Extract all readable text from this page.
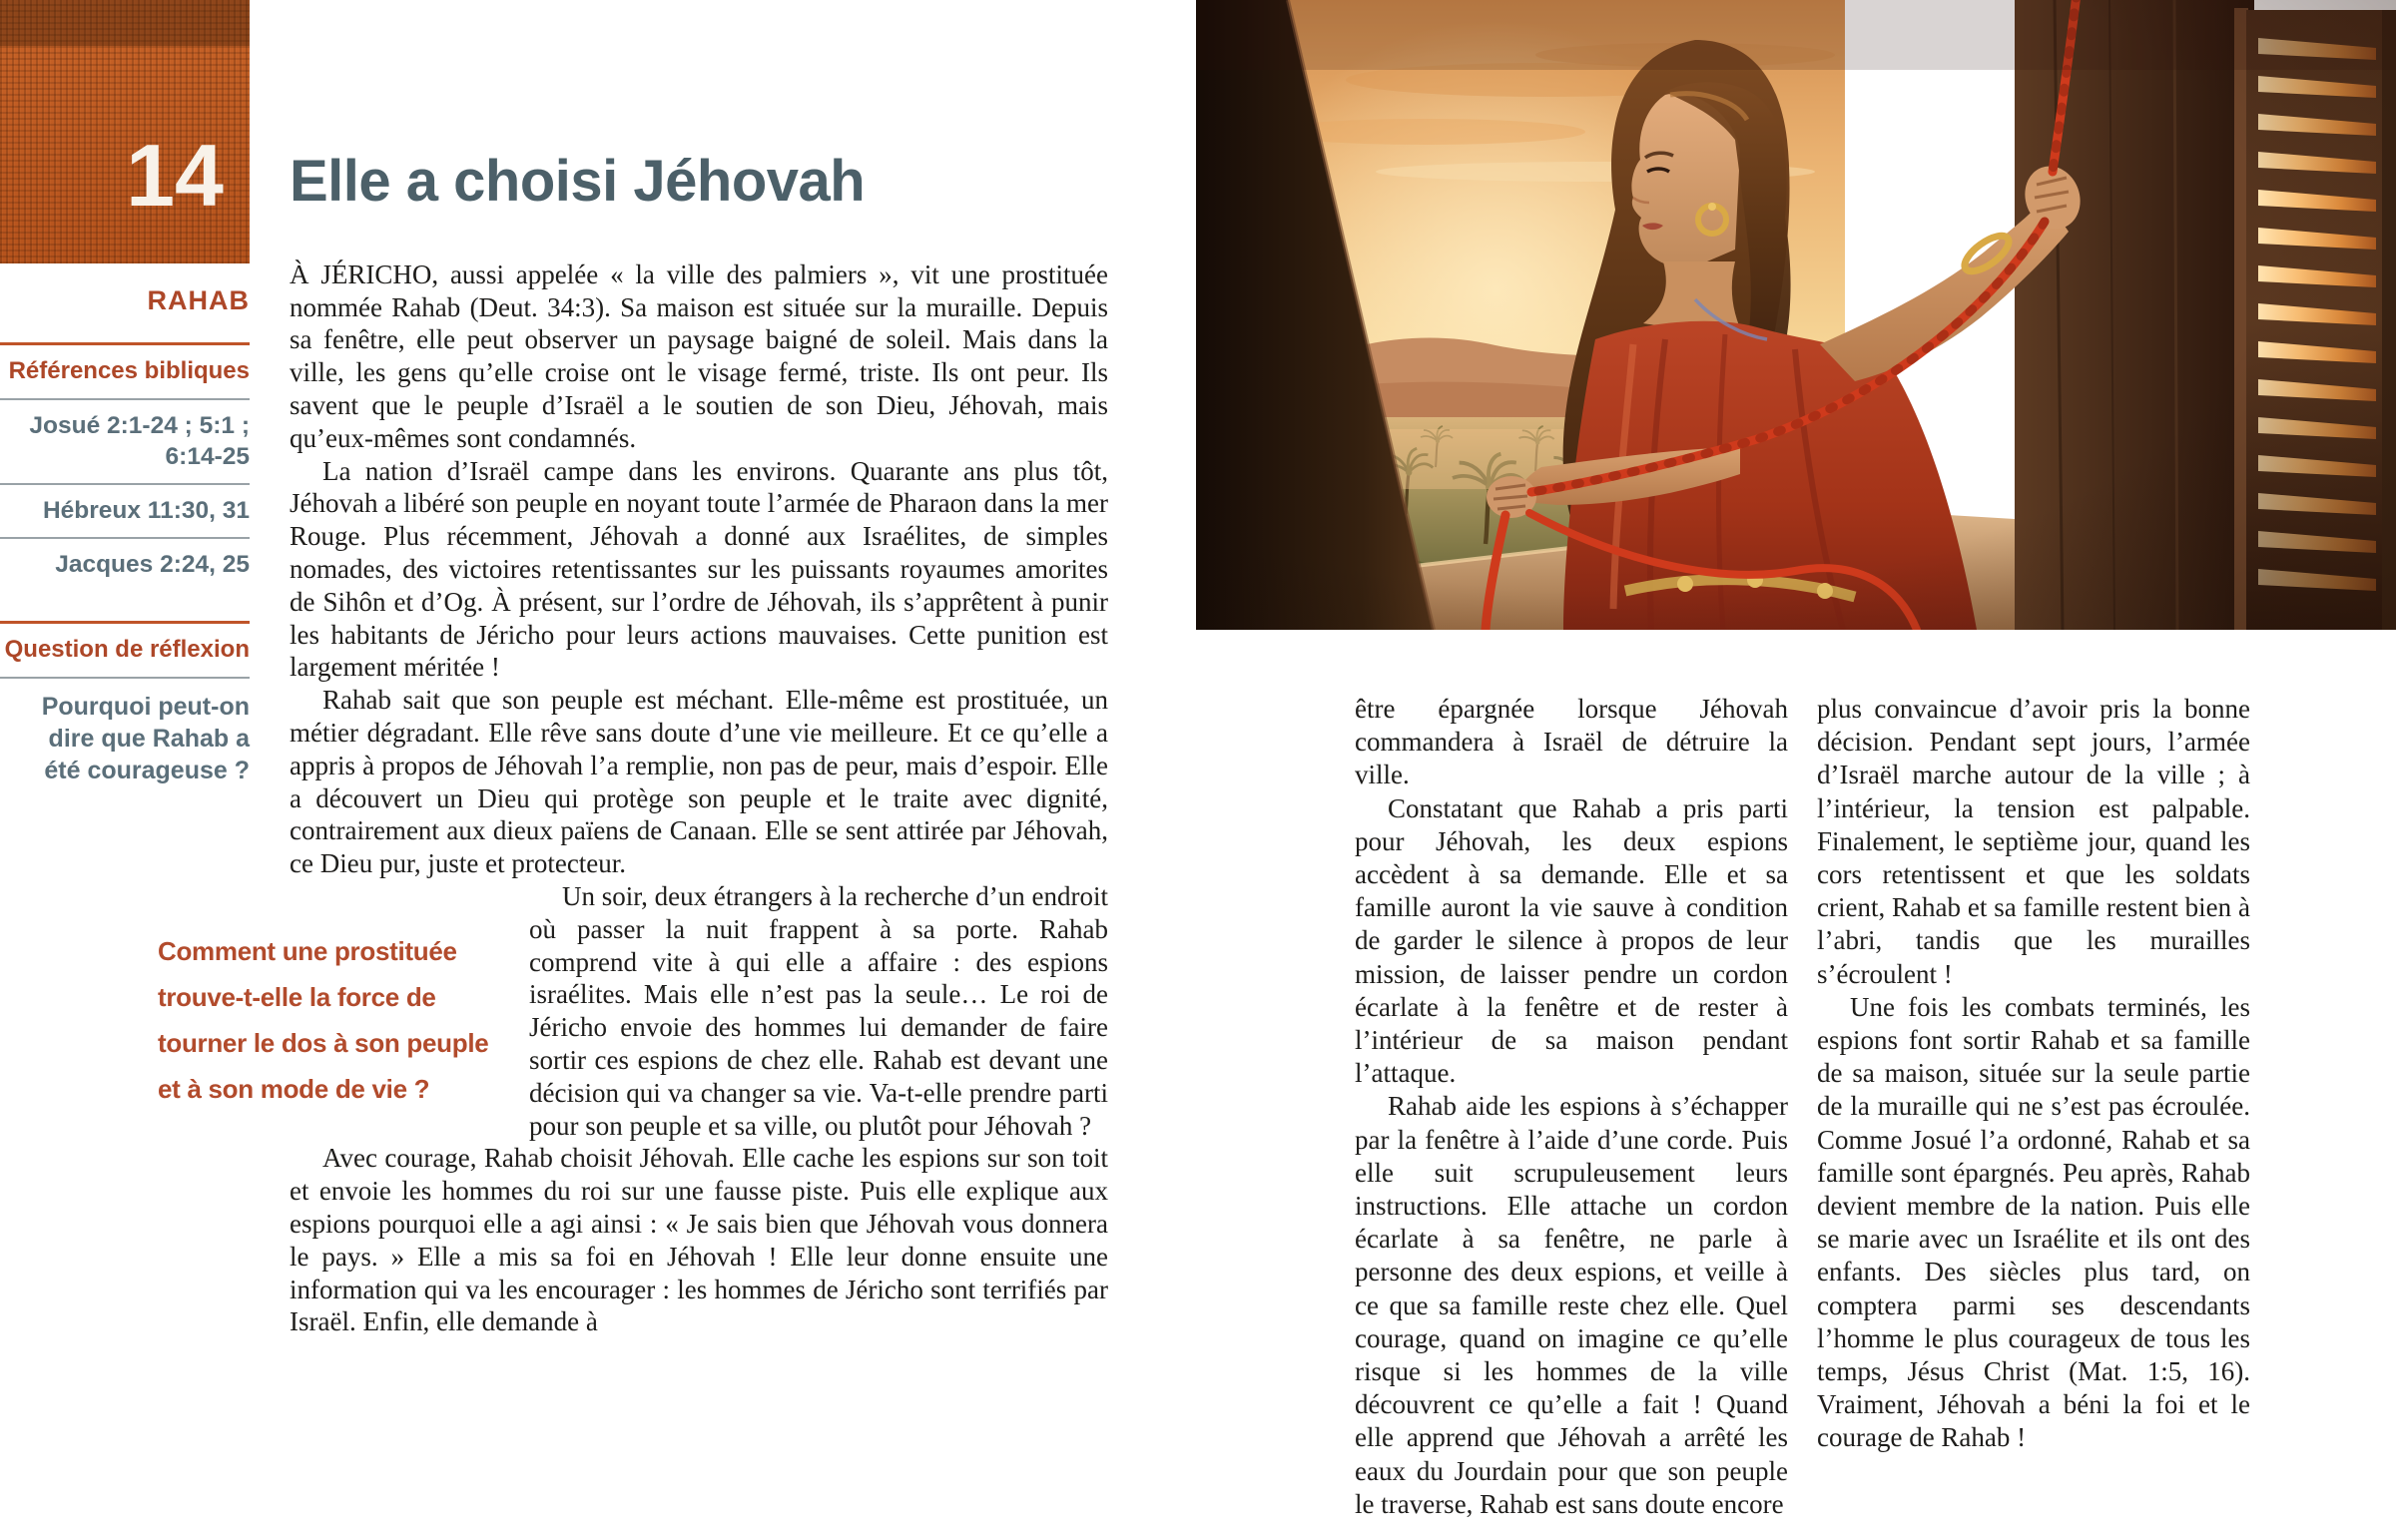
14
RAHAB
Références bibliques
Josué 2:1-24 ; 5:1 ; 6:14-25
Hébreux 11:30, 31
Jacques 2:24, 25
Question de réflexion
Pourquoi peut-on dire que Rahab a été courageuse ?
Elle a choisi Jéhovah

À JÉRICHO, aussi appelée « la ville des palmiers », vit une prostituée nommée Rahab (Deut. 34:3). Sa maison est située sur la muraille. Depuis sa fenêtre, elle peut observer un paysage baigné de soleil. Mais dans la ville, les gens qu’elle croise ont le visage fermé, triste. Ils ont peur. Ils savent que le peuple d’Israël a le soutien de son Dieu, Jéhovah, mais qu’eux-mêmes sont condamnés.

La nation d’Israël campe dans les environs. Quarante ans plus tôt, Jéhovah a libéré son peuple en noyant toute l’armée de Pharaon dans la mer Rouge. Plus récemment, Jéhovah a donné aux Israélites, de simples nomades, des victoires retentissantes sur les puissants royaumes amorites de Sihôn et d’Og. À présent, sur l’ordre de Jéhovah, ils s’apprêtent à punir les habitants de Jéricho pour leurs actions mauvaises. Cette punition est largement méritée !

Rahab sait que son peuple est méchant. Elle-même est prostituée, un métier dégradant. Elle rêve sans doute d’une vie meilleure. Et ce qu’elle a appris à propos de Jéhovah l’a remplie, non pas de peur, mais d’espoir. Elle a découvert un Dieu qui protège son peuple et le traite avec dignité, contrairement aux dieux païens de Canaan. Elle se sent attirée par Jéhovah, ce Dieu pur, juste et protecteur.

Comment une prostituée
trouve-t-elle la force de
tourner le dos à son peuple
et à son mode de vie ?
Un soir, deux étrangers à la recherche d’un endroit où passer la nuit frappent à sa porte. Rahab comprend vite à qui elle a affaire : des espions israélites. Mais elle n’est pas la seule… Le roi de Jéricho envoie des hommes lui demander de faire sortir ces espions de chez elle. Rahab est devant une décision qui va changer sa vie. Va-t-elle prendre parti pour son peuple et sa ville, ou plutôt pour Jéhovah ?

Avec courage, Rahab choisit Jéhovah. Elle cache les espions sur son toit et envoie les hommes du roi sur une fausse piste. Puis elle explique aux espions pourquoi elle a agi ainsi : « Je sais bien que Jéhovah vous donnera le pays. » Elle a mis sa foi en Jéhovah ! Elle leur donne ensuite une information qui va les encourager : les hommes de Jéricho sont terrifiés par Israël. Enfin, elle demande à

être épargnée lorsque Jéhovah commandera à Israël de détruire la ville.

Constatant que Rahab a pris parti pour Jéhovah, les deux espions accèdent à sa demande. Elle et sa famille auront la vie sauve à condition de garder le silence à propos de leur mission, de laisser pendre un cordon écarlate à la fenêtre et de rester à l’intérieur de sa maison pendant l’attaque.

Rahab aide les espions à s’échapper par la fenêtre à l’aide d’une corde. Puis elle suit scrupuleusement leurs instructions. Elle attache un cordon écarlate à sa fenêtre, ne parle à personne des deux espions, et veille à ce que sa famille reste chez elle. Quel courage, quand on imagine ce qu’elle risque si les hommes de la ville découvrent ce qu’elle a fait ! Quand elle apprend que Jéhovah a arrêté les eaux du Jourdain pour que son peuple le traverse, Rahab est sans doute encore

plus convaincue d’avoir pris la bonne décision. Pendant sept jours, l’armée d’Israël marche autour de la ville ; à l’intérieur, la tension est palpable. Finalement, le septième jour, quand les cors retentissent et que les soldats crient, Rahab et sa famille restent bien à l’abri, tandis que les murailles s’écroulent !

Une fois les combats terminés, les espions font sortir Rahab et sa famille de sa maison, située sur la seule partie de la muraille qui ne s’est pas écroulée. Comme Josué l’a ordonné, Rahab et sa famille sont épargnés. Peu après, Rahab devient membre de la nation. Puis elle se marie avec un Israélite et ils ont des enfants. Des siècles plus tard, on comptera parmi ses descendants l’homme le plus courageux de tous les temps, Jésus Christ (Mat. 1:5, 16). Vraiment, Jéhovah a béni la foi et le courage de Rahab !
